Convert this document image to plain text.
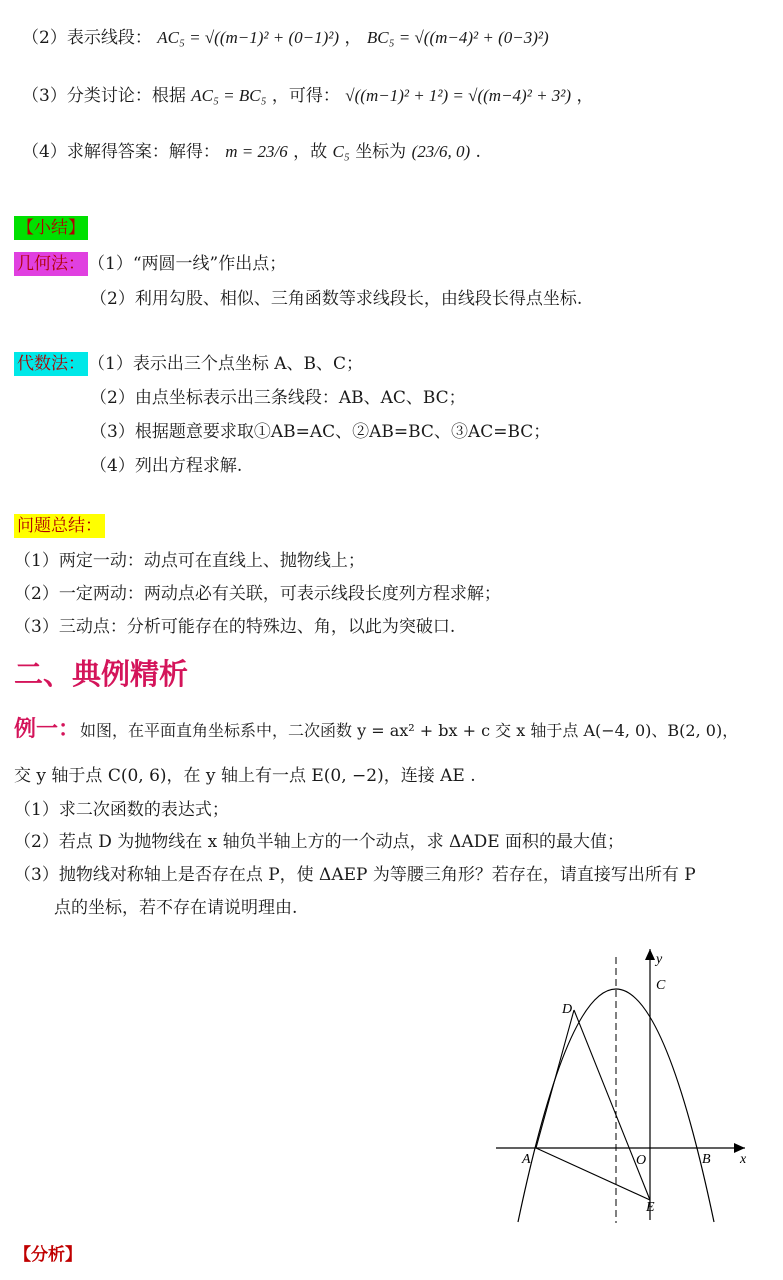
（2）表示线段： AC₅ = √((m−1)² + (0−1)²) ， BC₅ = √((m−4)² + (0−3)²)
（3）分类讨论：根据 AC₅ = BC₅ ，可得： √((m−1)² + 1²) = √((m−4)² + 3²) ，
（4）求解得答案：解得： m = 23/6 ，故 C₅ 坐标为 (23/6, 0) .
【小结】
几何法： （1）“两圆一线”作出点；
（2）利用勾股、相似、三角函数等求线段长，由线段长得点坐标.
代数法： （1）表示出三个点坐标 A、B、C；
（2）由点坐标表示出三条线段：AB、AC、BC；
（3）根据题意要求取①AB=AC、②AB=BC、③AC=BC；
（4）列出方程求解.
问题总结：
（1）两定一动：动点可在直线上、抛物线上；
（2）一定两动：两动点必有关联，可表示线段长度列方程求解；
（3）三动点：分析可能存在的特殊边、角，以此为突破口.
二、典例精析
例一：如图，在平面直角坐标系中，二次函数 y = ax² + bx + c 交 x 轴于点 A(−4, 0)、B(2, 0)，
交 y 轴于点 C(0, 6)，在 y 轴上有一点 E(0, −2)，连接 AE .
（1）求二次函数的表达式；
（2）若点 D 为抛物线在 x 轴负半轴上方的一个动点，求 ΔADE 面积的最大值；
（3）抛物线对称轴上是否存在点 P，使 ΔAEP 为等腰三角形？若存在，请直接写出所有 P
点的坐标，若不存在请说明理由.
y
x
C
D
A	O	B
E
【分析】
